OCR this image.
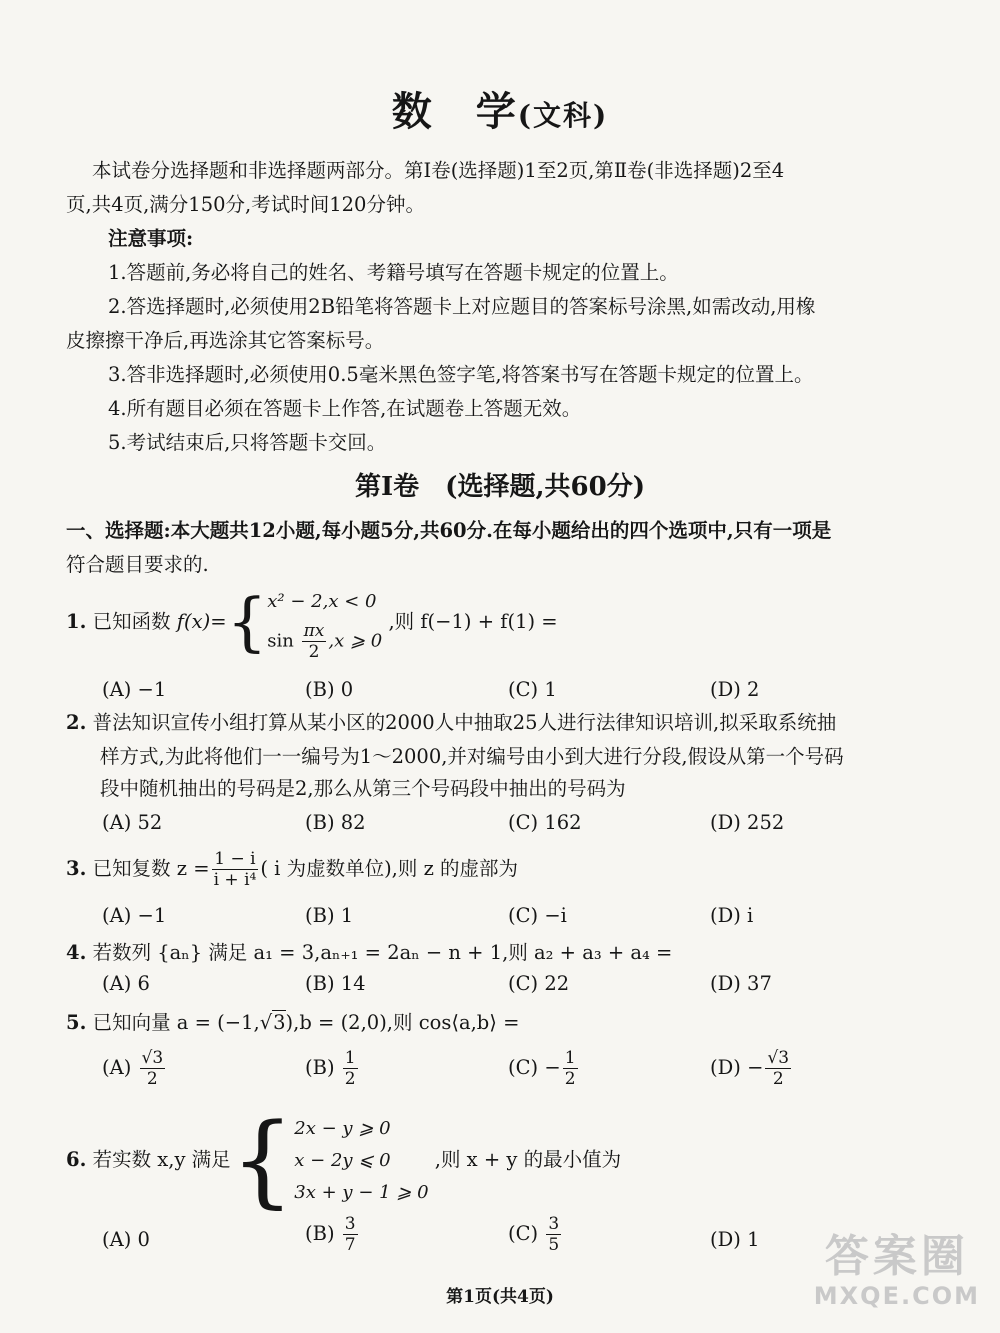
数　学(文科)
本试卷分选择题和非选择题两部分。第Ⅰ卷(选择题)1至2页,第Ⅱ卷(非选择题)2至4
页,共4页,满分150分,考试时间120分钟。
注意事项:
1.答题前,务必将自己的姓名、考籍号填写在答题卡规定的位置上。
2.答选择题时,必须使用2B铅笔将答题卡上对应题目的答案标号涂黑,如需改动,用橡
皮擦擦干净后,再选涂其它答案标号。
3.答非选择题时,必须使用0.5毫米黑色签字笔,将答案书写在答题卡规定的位置上。
4.所有题目必须在答题卡上作答,在试题卷上答题无效。
5.考试结束后,只将答题卡交回。
第Ⅰ卷　(选择题,共60分)
一、选择题:本大题共12小题,每小题5分,共60分.在每小题给出的四个选项中,只有一项是
符合题目要求的.
1. 已知函数 f(x)={ x² − 2,x < 0
$\sin \frac{\pi x}{2} ,x$ ⩾ 0
,则 f(−1) + f(1) =
(A) −1	(B) 0	(C) 1	(D) 2
2. 普法知识宣传小组打算从某小区的2000人中抽取25人进行法律知识培训,拟采取系统抽
样方式,为此将他们一一编号为1～2000,并对编号由小到大进行分段,假设从第一个号码
段中随机抽出的号码是2,那么从第三个号码段中抽出的号码为
(A) 52	(B) 82	(C) 162	(D) 252
3. 已知复数 $z = \frac{1 - i}{\text{i + i⁴}}$ ( i 为虚数单位),则 z 的虚部为
(A) −1	(B) 1	(C) −i	(D) i
4. 若数列 {aₙ} 满足 a₁ = 3,aₙ₊₁ = 2aₙ − n + 1,则 a₂ + a₃ + a₄ =
(A) 6	(B) 14	(C) 22	(D) 37
5. 已知向量 a = (−1,√3),b = (2,0),则 cos⟨a,b⟩ =
$(A) \frac{√3}{2}$	$(B) \frac{1}{2}$	$(C) - \frac{1}{2}$	$(D) - \frac{√3}{2}$
6. 若实数 x,y 满足{ 2x − y ⩾ 0
x − 2y ⩽ 0
3x + y − 1 ⩾ 0
,则 x + y 的最小值为
(A) 0	$(B) \frac{3}{7}$	$(C) \frac{3}{5}$	(D) 1
第1页(共4页)
答案圈
MXQE.COM
